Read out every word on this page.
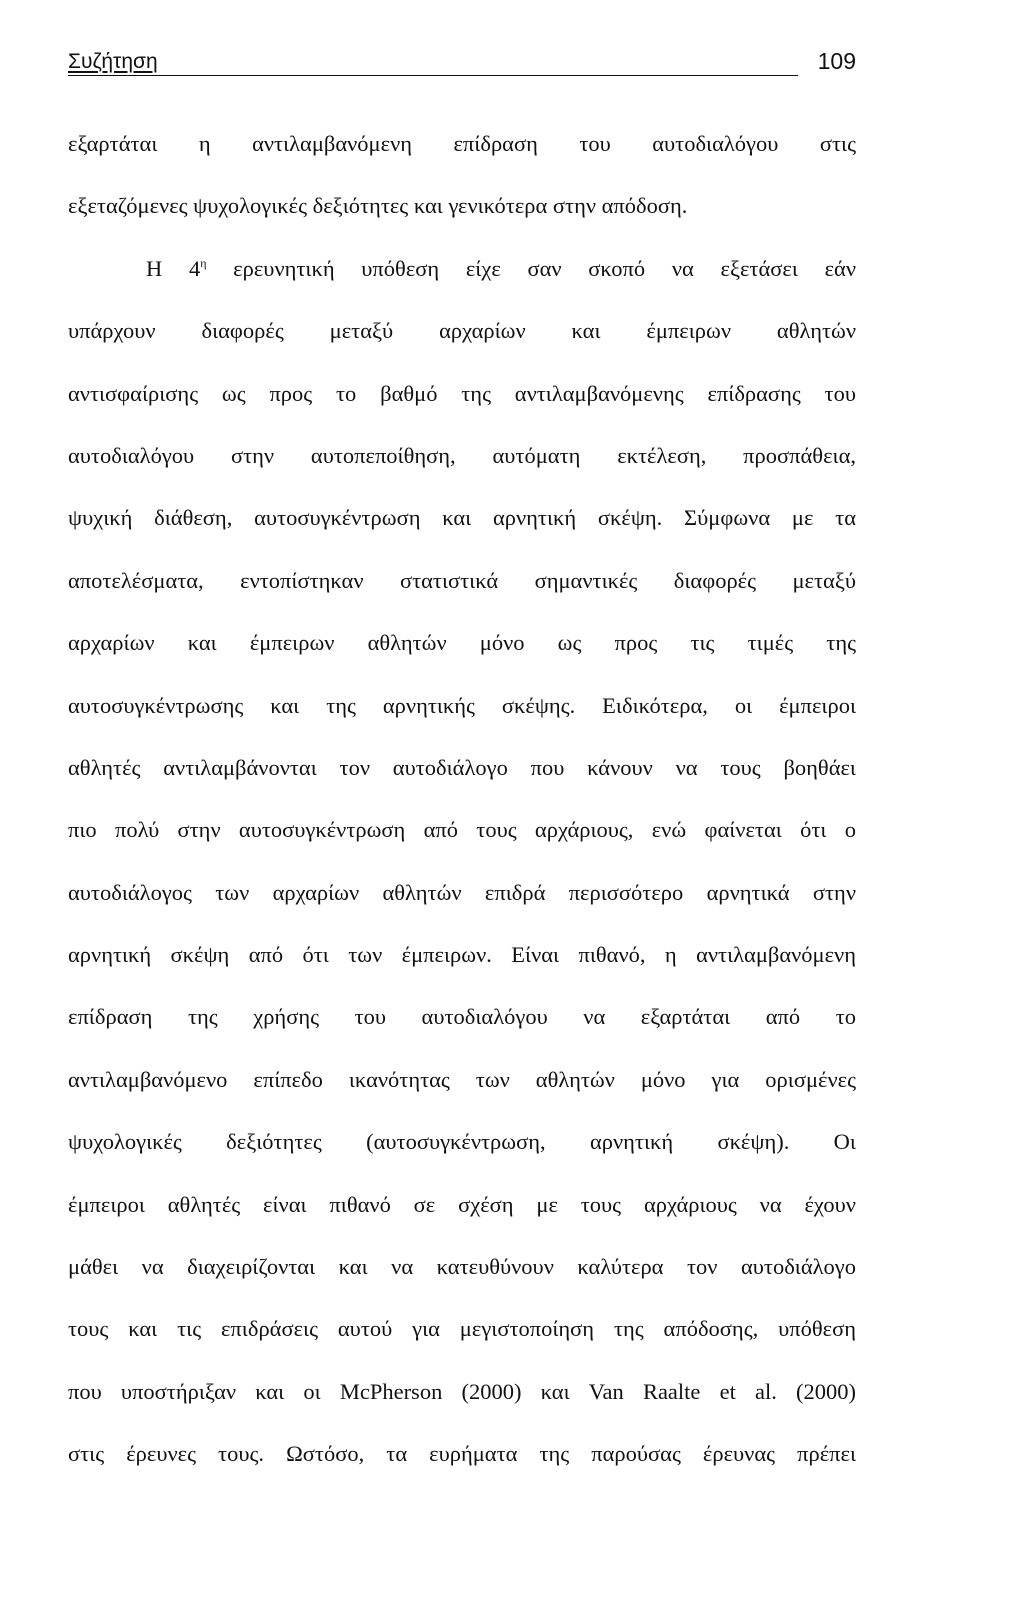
Συζήτηση	109
εξαρτάται η αντιλαμβανόμενη επίδραση του αυτοδιαλόγου στις
εξεταζόμενες ψυχολογικές δεξιότητες και γενικότερα στην απόδοση.
Η $4^\eta$ ερευνητική υπόθεση είχε σαν σκοπό να εξετάσει εάν
υπάρχουν διαφορές μεταξύ αρχαρίων και έμπειρων αθλητών
αντισφαίρισης ως προς το βαθμό της αντιλαμβανόμενης επίδρασης του
αυτοδιαλόγου στην αυτοπεποίθηση, αυτόματη εκτέλεση, προσπάθεια,
ψυχική διάθεση, αυτοσυγκέντρωση και αρνητική σκέψη. Σύμφωνα με τα
αποτελέσματα, εντοπίστηκαν στατιστικά σημαντικές διαφορές μεταξύ
αρχαρίων και έμπειρων αθλητών μόνο ως προς τις τιμές της
αυτοσυγκέντρωσης και της αρνητικής σκέψης. Ειδικότερα, οι έμπειροι
αθλητές αντιλαμβάνονται τον αυτοδιάλογο που κάνουν να τους βοηθάει
πιο πολύ στην αυτοσυγκέντρωση από τους αρχάριους, ενώ φαίνεται ότι ο
αυτοδιάλογος των αρχαρίων αθλητών επιδρά περισσότερο αρνητικά στην
αρνητική σκέψη από ότι των έμπειρων. Είναι πιθανό, η αντιλαμβανόμενη
επίδραση της χρήσης του αυτοδιαλόγου να εξαρτάται από το
αντιλαμβανόμενο επίπεδο ικανότητας των αθλητών μόνο για ορισμένες
ψυχολογικές δεξιότητες (αυτοσυγκέντρωση, αρνητική σκέψη). Οι
έμπειροι αθλητές είναι πιθανό σε σχέση με τους αρχάριους να έχουν
μάθει να διαχειρίζονται και να κατευθύνουν καλύτερα τον αυτοδιάλογο
τους και τις επιδράσεις αυτού για μεγιστοποίηση της απόδοσης, υπόθεση
που υποστήριξαν και οι McPherson (2000) και Van Raalte et al. (2000)
στις έρευνες τους. Ωστόσο, τα ευρήματα της παρούσας έρευνας πρέπει
